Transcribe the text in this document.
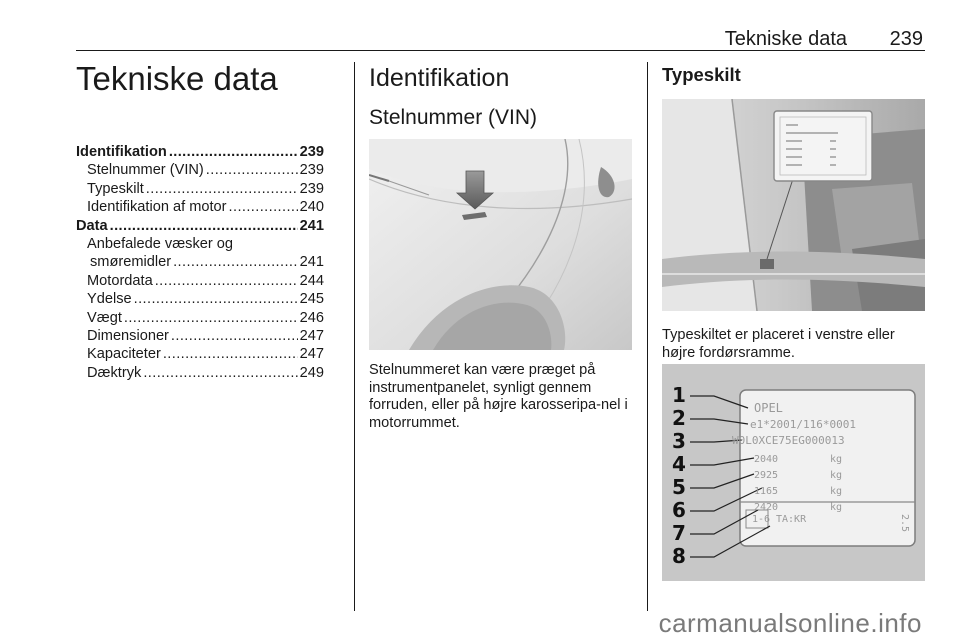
Tekniske data 239
Tekniske data
Identifikation .....	239
Stelnummer (VIN) .....	239
Typeskilt .....	239
Identifikation af motor .....	240
Data .....	241
Anbefalede væsker og
smøremidler .....	241
Motordata .....	244
Ydelse .....	245
Vægt .....	246
Dimensioner .....	247
Kapaciteter .....	247
Dæktryk .....	249
Identifikation
Stelnummer (VIN)
Stelnummeret kan være præget på instrumentpanelet, synligt gennem forruden, eller på højre karosseripa-nel i motorrummet.
Typeskilt
Typeskiltet er placeret i venstre eller højre fordørsramme.
1
2
3
4
5
6
7
8
OPEL
e1*2001/116*0001
W0L0XCE75EG000013
2040	kg
2925	kg
1165	kg
2420	kg
1-6 TA:KR	2.5
carmanualsonline.info
